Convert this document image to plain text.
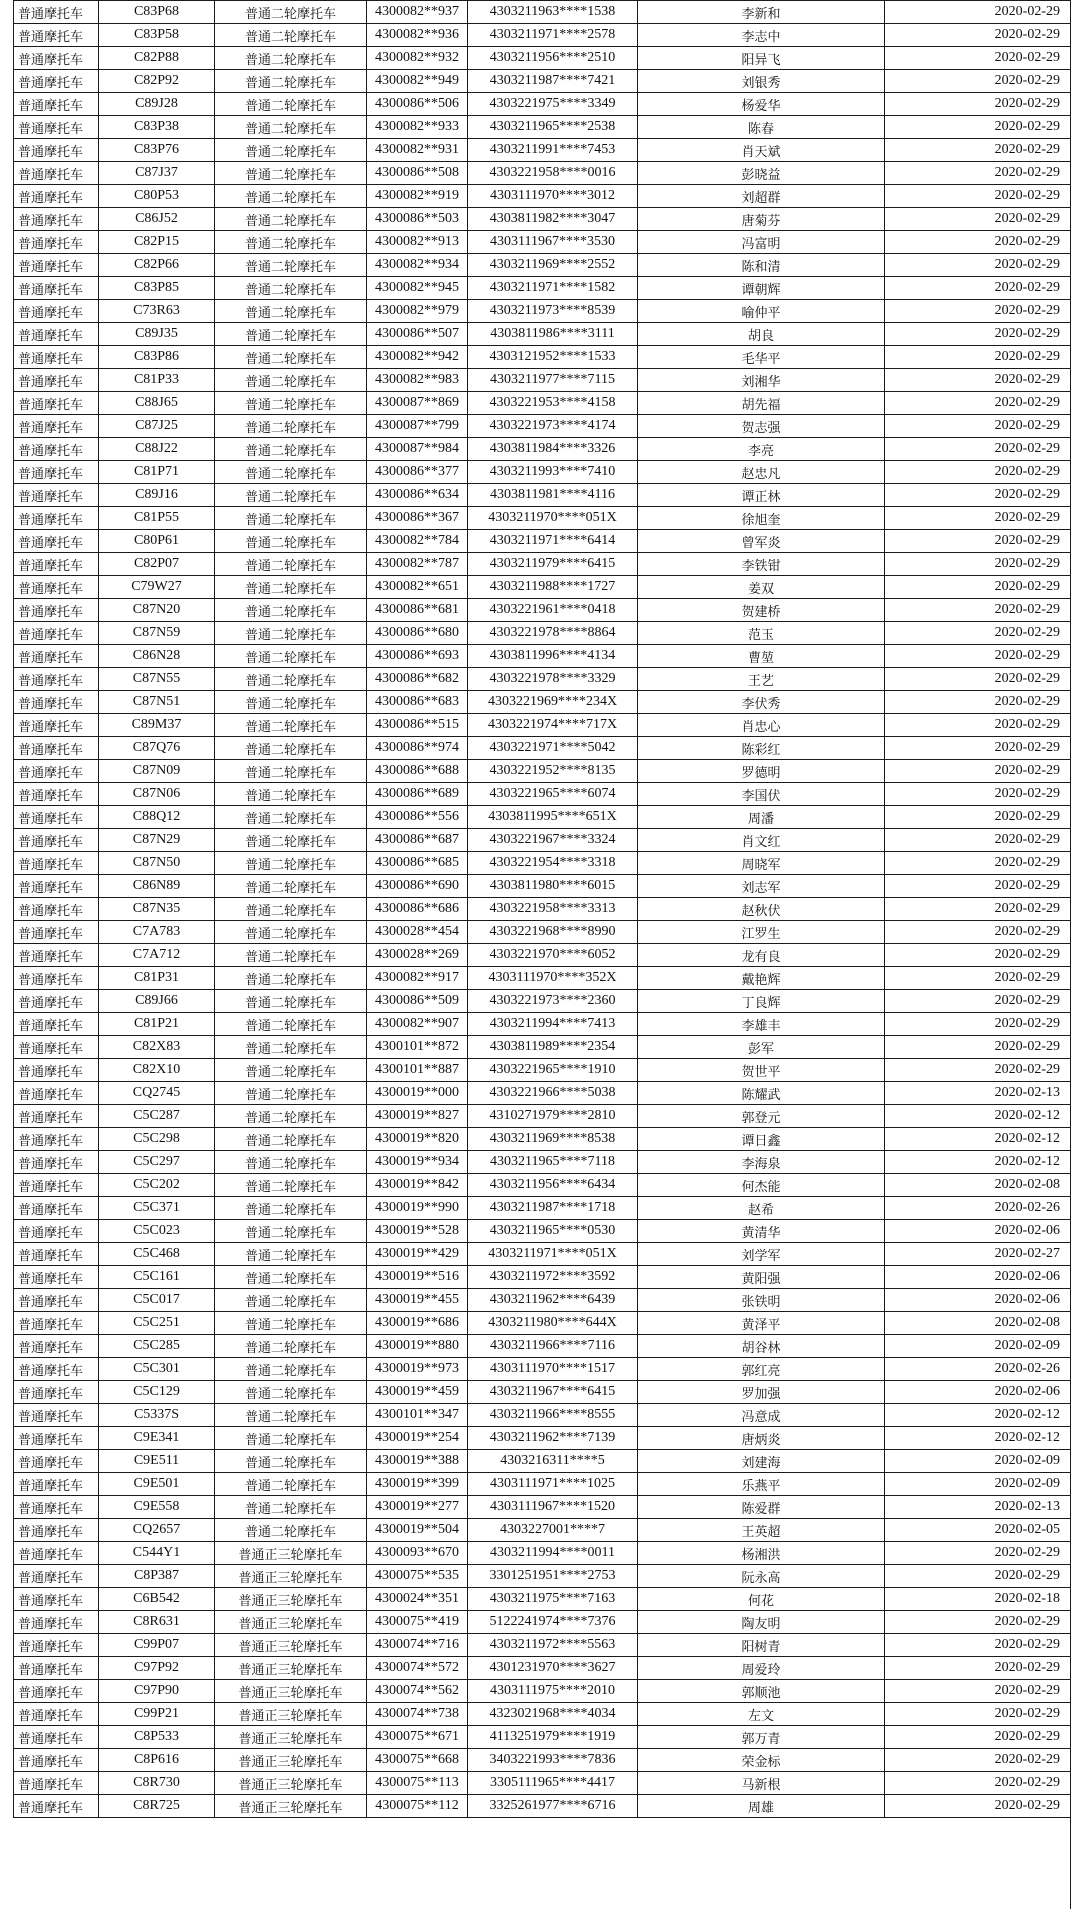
普通摩托车	C83P68	普通二轮摩托车	4300082**937	4303211963****1538	李新和	2020-02-29
普通摩托车	C83P58	普通二轮摩托车	4300082**936	4303211971****2578	李志中	2020-02-29
普通摩托车	C82P88	普通二轮摩托车	4300082**932	4303211956****2510	阳异飞	2020-02-29
普通摩托车	C82P92	普通二轮摩托车	4300082**949	4303211987****7421	刘银秀	2020-02-29
普通摩托车	C89J28	普通二轮摩托车	4300086**506	4303221975****3349	杨爱华	2020-02-29
普通摩托车	C83P38	普通二轮摩托车	4300082**933	4303211965****2538	陈春	2020-02-29
普通摩托车	C83P76	普通二轮摩托车	4300082**931	4303211991****7453	肖天斌	2020-02-29
普通摩托车	C87J37	普通二轮摩托车	4300086**508	4303221958****0016	彭晓益	2020-02-29
普通摩托车	C80P53	普通二轮摩托车	4300082**919	4303111970****3012	刘超群	2020-02-29
普通摩托车	C86J52	普通二轮摩托车	4300086**503	4303811982****3047	唐菊芬	2020-02-29
普通摩托车	C82P15	普通二轮摩托车	4300082**913	4303111967****3530	冯富明	2020-02-29
普通摩托车	C82P66	普通二轮摩托车	4300082**934	4303211969****2552	陈和清	2020-02-29
普通摩托车	C83P85	普通二轮摩托车	4300082**945	4303211971****1582	谭朝辉	2020-02-29
普通摩托车	C73R63	普通二轮摩托车	4300082**979	4303211973****8539	喻仲平	2020-02-29
普通摩托车	C89J35	普通二轮摩托车	4300086**507	4303811986****3111	胡良	2020-02-29
普通摩托车	C83P86	普通二轮摩托车	4300082**942	4303121952****1533	毛华平	2020-02-29
普通摩托车	C81P33	普通二轮摩托车	4300082**983	4303211977****7115	刘湘华	2020-02-29
普通摩托车	C88J65	普通二轮摩托车	4300087**869	4303221953****4158	胡先福	2020-02-29
普通摩托车	C87J25	普通二轮摩托车	4300087**799	4303221973****4174	贺志强	2020-02-29
普通摩托车	C88J22	普通二轮摩托车	4300087**984	4303811984****3326	李亮	2020-02-29
普通摩托车	C81P71	普通二轮摩托车	4300086**377	4303211993****7410	赵忠凡	2020-02-29
普通摩托车	C89J16	普通二轮摩托车	4300086**634	4303811981****4116	谭正林	2020-02-29
普通摩托车	C81P55	普通二轮摩托车	4300086**367	4303211970****051X	徐旭奎	2020-02-29
普通摩托车	C80P61	普通二轮摩托车	4300082**784	4303211971****6414	曾军炎	2020-02-29
普通摩托车	C82P07	普通二轮摩托车	4300082**787	4303211979****6415	李铁钳	2020-02-29
普通摩托车	C79W27	普通二轮摩托车	4300082**651	4303211988****1727	姜双	2020-02-29
普通摩托车	C87N20	普通二轮摩托车	4300086**681	4303221961****0418	贺建桥	2020-02-29
普通摩托车	C87N59	普通二轮摩托车	4300086**680	4303221978****8864	范玉	2020-02-29
普通摩托车	C86N28	普通二轮摩托车	4300086**693	4303811996****4134	曹堃	2020-02-29
普通摩托车	C87N55	普通二轮摩托车	4300086**682	4303221978****3329	王艺	2020-02-29
普通摩托车	C87N51	普通二轮摩托车	4300086**683	4303221969****234X	李伏秀	2020-02-29
普通摩托车	C89M37	普通二轮摩托车	4300086**515	4303221974****717X	肖忠心	2020-02-29
普通摩托车	C87Q76	普通二轮摩托车	4300086**974	4303221971****5042	陈彩红	2020-02-29
普通摩托车	C87N09	普通二轮摩托车	4300086**688	4303221952****8135	罗德明	2020-02-29
普通摩托车	C87N06	普通二轮摩托车	4300086**689	4303221965****6074	李国伏	2020-02-29
普通摩托车	C88Q12	普通二轮摩托车	4300086**556	4303811995****651X	周潘	2020-02-29
普通摩托车	C87N29	普通二轮摩托车	4300086**687	4303221967****3324	肖文红	2020-02-29
普通摩托车	C87N50	普通二轮摩托车	4300086**685	4303221954****3318	周晓军	2020-02-29
普通摩托车	C86N89	普通二轮摩托车	4300086**690	4303811980****6015	刘志军	2020-02-29
普通摩托车	C87N35	普通二轮摩托车	4300086**686	4303221958****3313	赵秋伏	2020-02-29
普通摩托车	C7A783	普通二轮摩托车	4300028**454	4303221968****8990	江罗生	2020-02-29
普通摩托车	C7A712	普通二轮摩托车	4300028**269	4303221970****6052	龙有良	2020-02-29
普通摩托车	C81P31	普通二轮摩托车	4300082**917	4303111970****352X	戴艳辉	2020-02-29
普通摩托车	C89J66	普通二轮摩托车	4300086**509	4303221973****2360	丁良辉	2020-02-29
普通摩托车	C81P21	普通二轮摩托车	4300082**907	4303211994****7413	李雄丰	2020-02-29
普通摩托车	C82X83	普通二轮摩托车	4300101**872	4303811989****2354	彭军	2020-02-29
普通摩托车	C82X10	普通二轮摩托车	4300101**887	4303221965****1910	贺世平	2020-02-29
普通摩托车	CQ2745	普通二轮摩托车	4300019**000	4303221966****5038	陈耀武	2020-02-13
普通摩托车	C5C287	普通二轮摩托车	4300019**827	4310271979****2810	郭登元	2020-02-12
普通摩托车	C5C298	普通二轮摩托车	4300019**820	4303211969****8538	谭日鑫	2020-02-12
普通摩托车	C5C297	普通二轮摩托车	4300019**934	4303211965****7118	李海泉	2020-02-12
普通摩托车	C5C202	普通二轮摩托车	4300019**842	4303211956****6434	何杰能	2020-02-08
普通摩托车	C5C371	普通二轮摩托车	4300019**990	4303211987****1718	赵希	2020-02-26
普通摩托车	C5C023	普通二轮摩托车	4300019**528	4303211965****0530	黄清华	2020-02-06
普通摩托车	C5C468	普通二轮摩托车	4300019**429	4303211971****051X	刘学军	2020-02-27
普通摩托车	C5C161	普通二轮摩托车	4300019**516	4303211972****3592	黄阳强	2020-02-06
普通摩托车	C5C017	普通二轮摩托车	4300019**455	4303211962****6439	张铁明	2020-02-06
普通摩托车	C5C251	普通二轮摩托车	4300019**686	4303211980****644X	黄泽平	2020-02-08
普通摩托车	C5C285	普通二轮摩托车	4300019**880	4303211966****7116	胡谷林	2020-02-09
普通摩托车	C5C301	普通二轮摩托车	4300019**973	4303111970****1517	郭红亮	2020-02-26
普通摩托车	C5C129	普通二轮摩托车	4300019**459	4303211967****6415	罗加强	2020-02-06
普通摩托车	C5337S	普通二轮摩托车	4300101**347	4303211966****8555	冯意成	2020-02-12
普通摩托车	C9E341	普通二轮摩托车	4300019**254	4303211962****7139	唐炳炎	2020-02-12
普通摩托车	C9E511	普通二轮摩托车	4300019**388	4303216311****5	刘建海	2020-02-09
普通摩托车	C9E501	普通二轮摩托车	4300019**399	4303111971****1025	乐燕平	2020-02-09
普通摩托车	C9E558	普通二轮摩托车	4300019**277	4303111967****1520	陈爱群	2020-02-13
普通摩托车	CQ2657	普通二轮摩托车	4300019**504	4303227001****7	王英超	2020-02-05
普通摩托车	C544Y1	普通正三轮摩托车	4300093**670	4303211994****0011	杨湘洪	2020-02-29
普通摩托车	C8P387	普通正三轮摩托车	4300075**535	3301251951****2753	阮永高	2020-02-29
普通摩托车	C6B542	普通正三轮摩托车	4300024**351	4303211975****7163	何花	2020-02-18
普通摩托车	C8R631	普通正三轮摩托车	4300075**419	5122241974****7376	陶友明	2020-02-29
普通摩托车	C99P07	普通正三轮摩托车	4300074**716	4303211972****5563	阳树青	2020-02-29
普通摩托车	C97P92	普通正三轮摩托车	4300074**572	4301231970****3627	周爱玲	2020-02-29
普通摩托车	C97P90	普通正三轮摩托车	4300074**562	4303111975****2010	郭顺池	2020-02-29
普通摩托车	C99P21	普通正三轮摩托车	4300074**738	4323021968****4034	左文	2020-02-29
普通摩托车	C8P533	普通正三轮摩托车	4300075**671	4113251979****1919	郭万青	2020-02-29
普通摩托车	C8P616	普通正三轮摩托车	4300075**668	3403221993****7836	荣金标	2020-02-29
普通摩托车	C8R730	普通正三轮摩托车	4300075**113	3305111965****4417	马新根	2020-02-29
普通摩托车	C8R725	普通正三轮摩托车	4300075**112	3325261977****6716	周雄	2020-02-29
